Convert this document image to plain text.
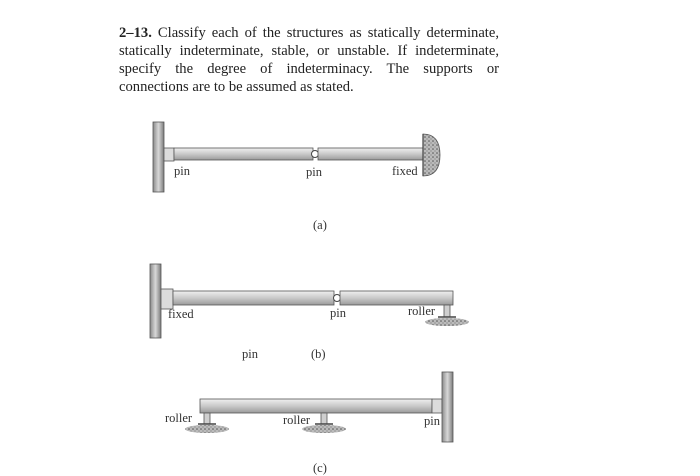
2–13. Classify each of the structures as statically determinate, statically indeterminate, stable, or unstable. If indeterminate, specify the degree of indeterminacy. The supports or connections are to be assumed as stated.

pin	pin	fixed
(a)
fixed	pin	roller
pin	(b)
roller	roller	pin
(c)
